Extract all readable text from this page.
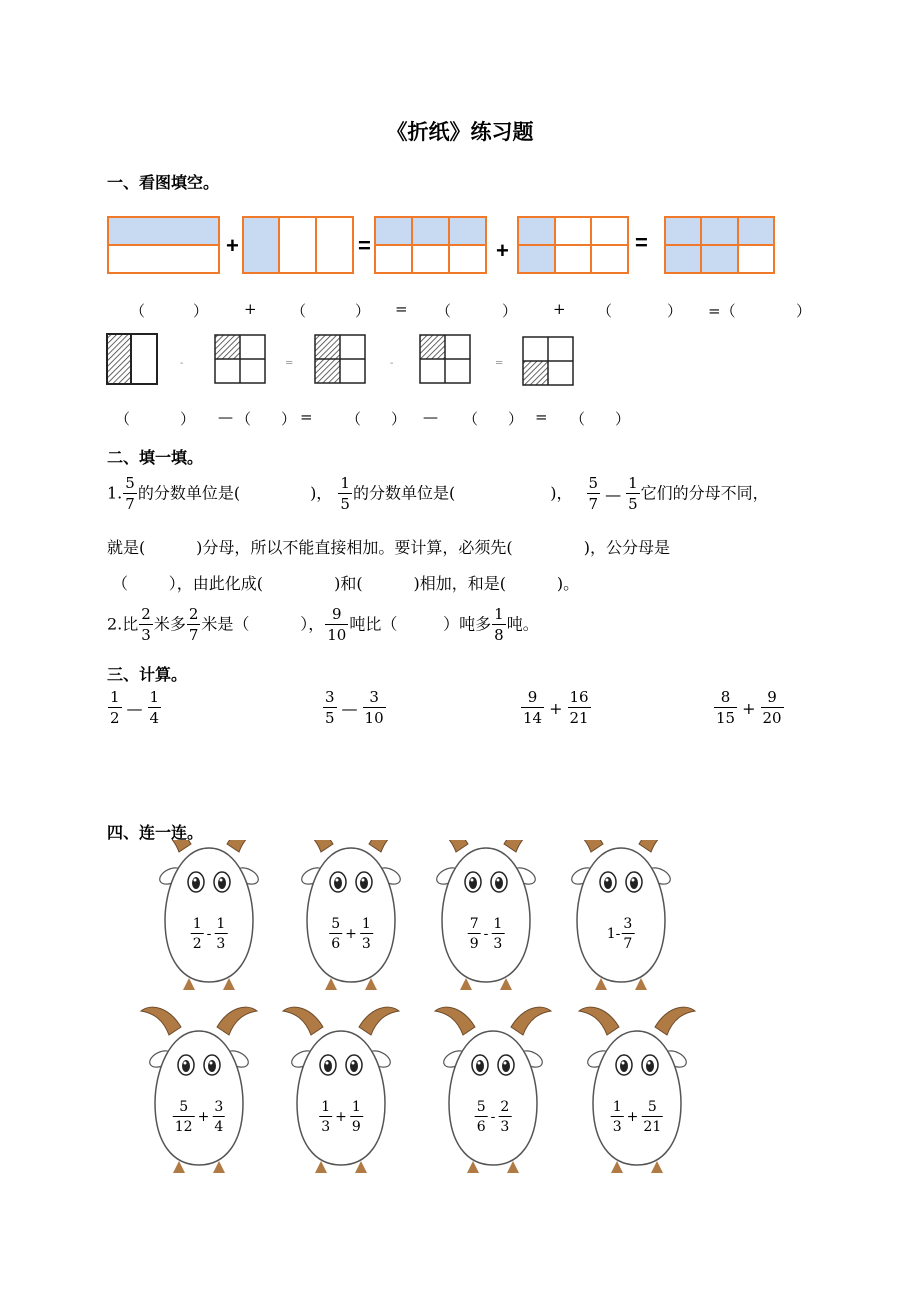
《折纸》练习题
一、看图填空。
+	=	+	=
（	） + （	） = （	） + （	） =（	）
-	=	-	=
（	） — （ ） = （ ） — （ ） = （ ）
二、填一填。
1. $\frac{5}{7}$ 的分数单位是(	)， $\frac{1}{5}$ 的分数单位是(	)， $\frac{5}{7}$ — $\frac{1}{5}$ 它们的分母不同，
就是(          )分母，所以不能直接相加。要计算，必须先(              )，公分母是
（        ），由此化成(              )和(          )相加，和是(          )。
2.比 $\frac{2}{3}$ 米多 $\frac{2}{7}$ 米是（          ）， $\frac{9}{10}$ 吨比（         ）吨多 $\frac{1}{8}$ 吨。
三、计算。
$\frac{1}{2}$ — $\frac{1}{4}$	$\frac{3}{5}$ — $\frac{3}{10}$	$\frac{9}{14} + \frac{16}{21}$	$\frac{8}{15} + \frac{9}{20}$
四、连一连。
$\frac{1}{2} - \frac{1}{3}$	$\frac{5}{6} + \frac{1}{3}$	$\frac{7}{9} - \frac{1}{3}$	$1- \frac{3}{7}$
$\frac{5}{12} + \frac{3}{4}$	$\frac{1}{3} + \frac{1}{9}$	$\frac{5}{6} - \frac{2}{3}$	$\frac{1}{3} + \frac{5}{21}$
